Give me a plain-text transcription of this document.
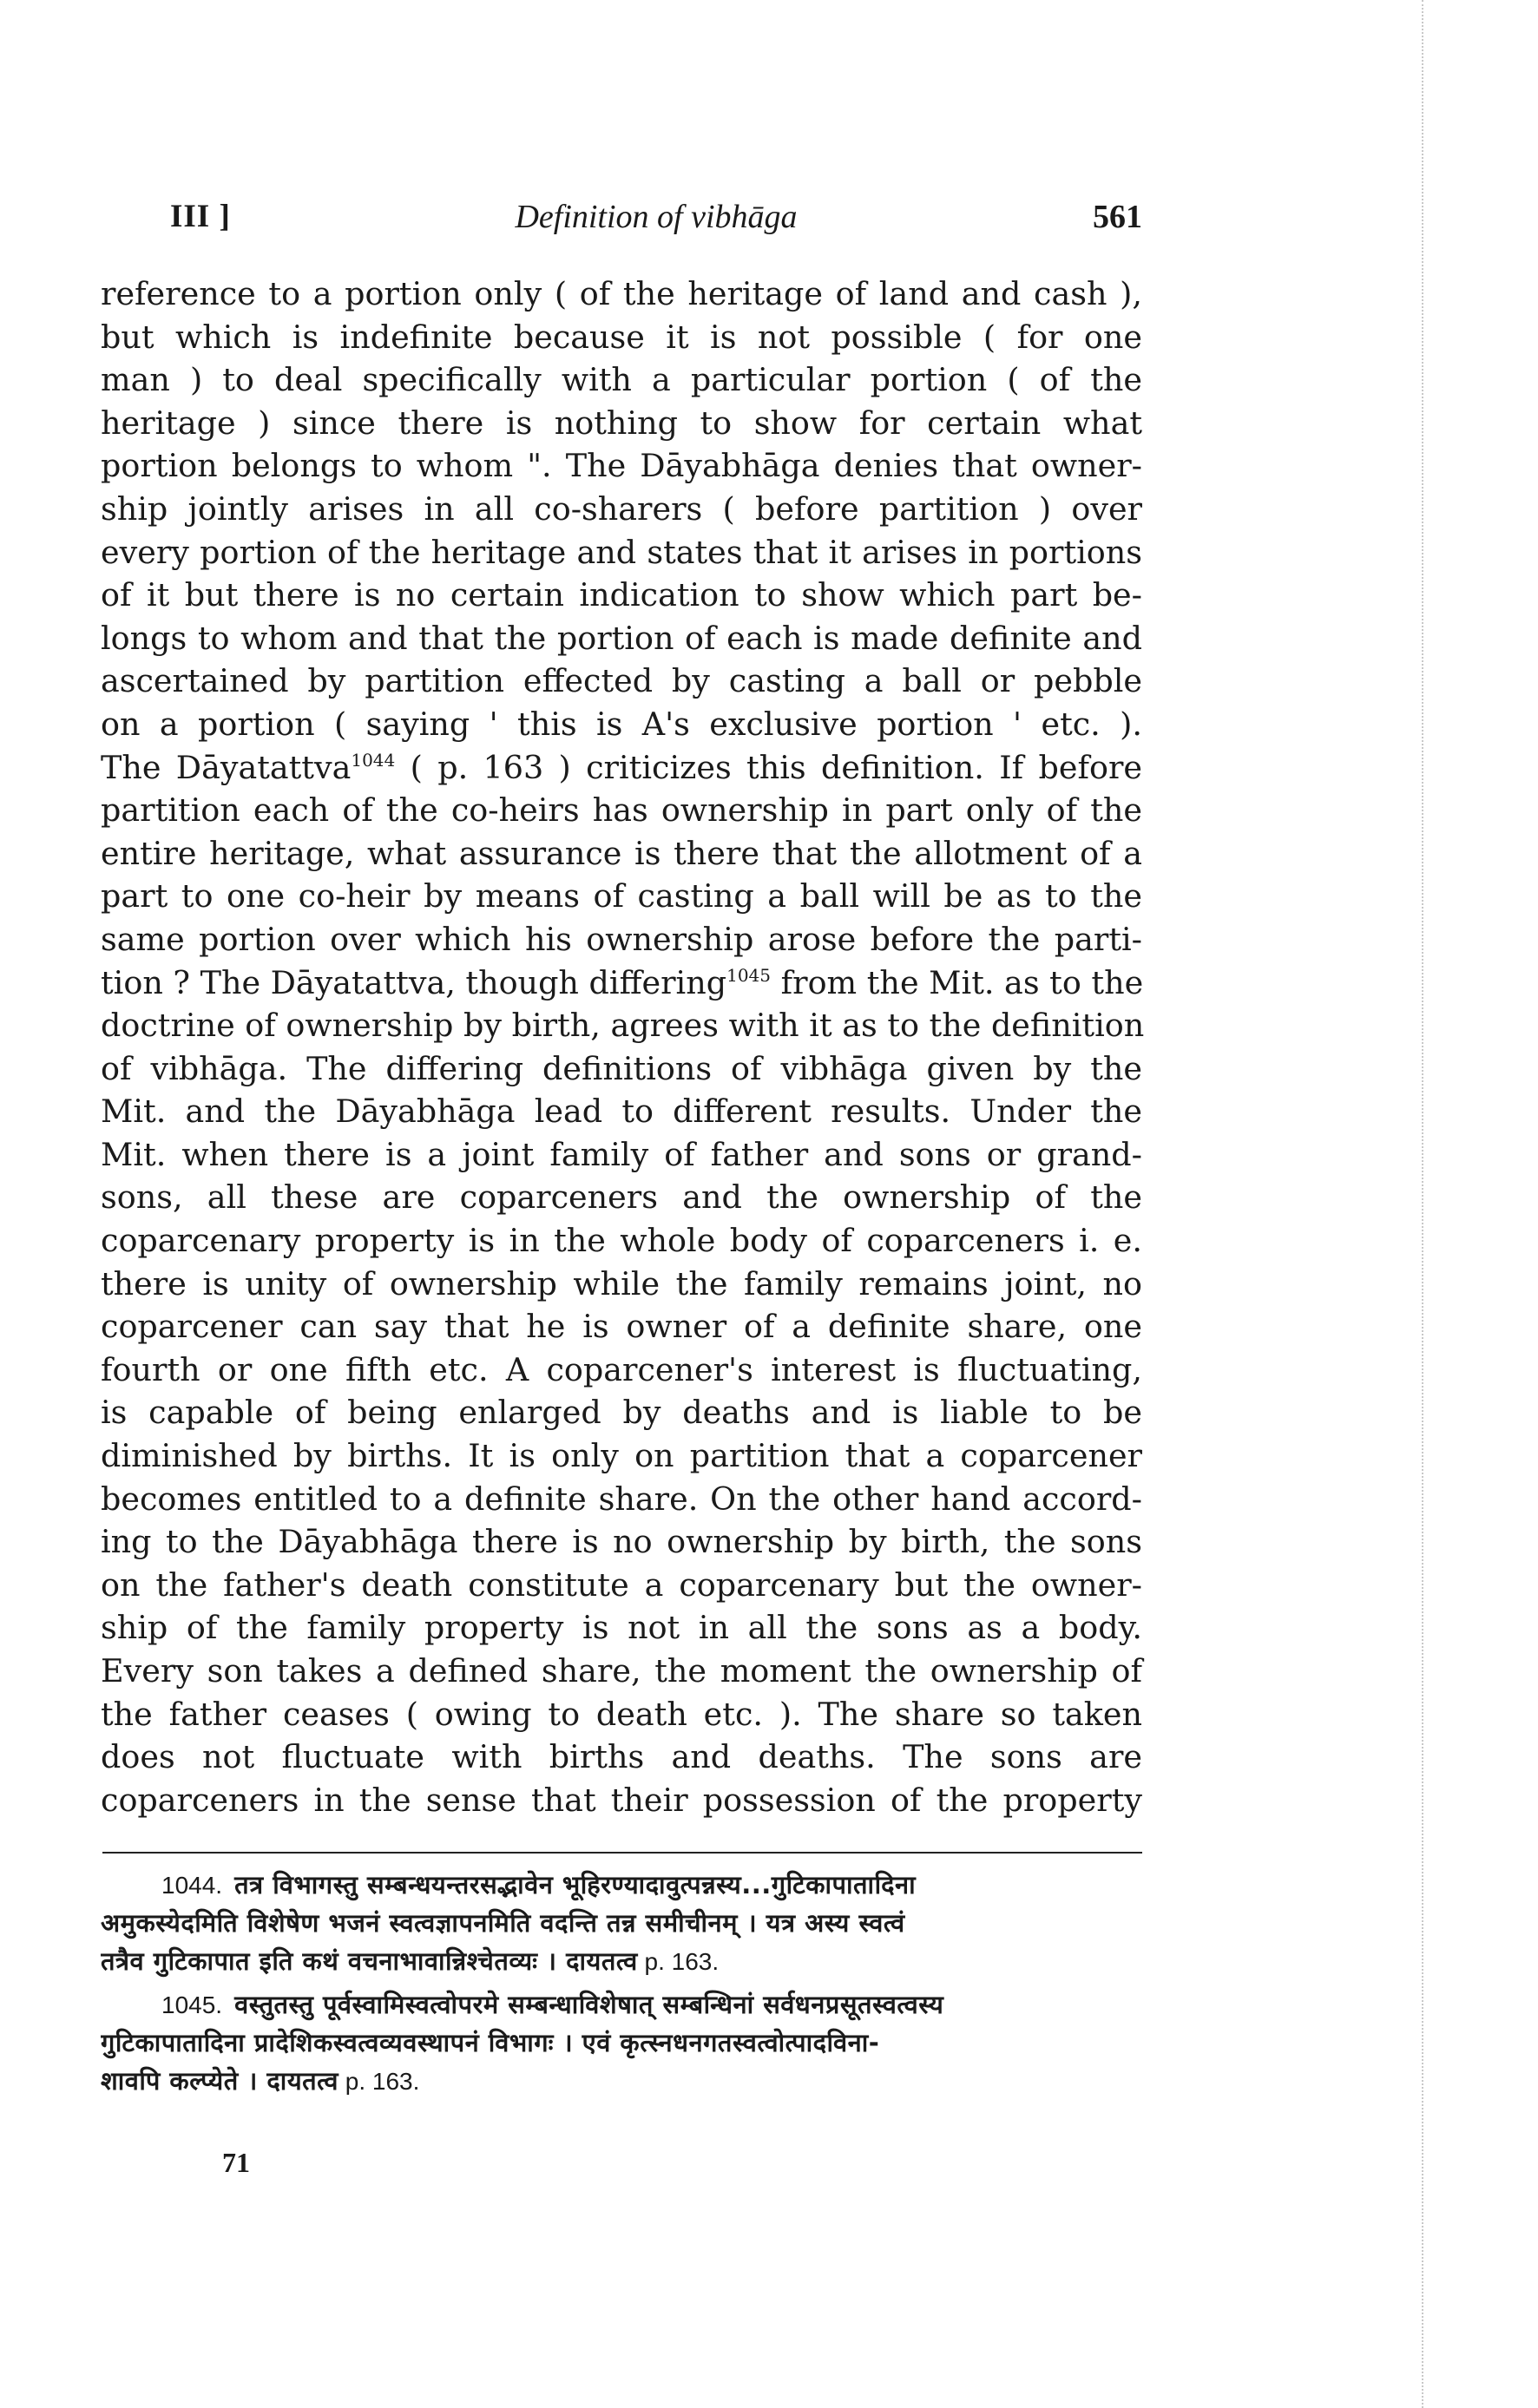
III ]	Definition of vibhāga	561
reference to a portion only ( of the heritage of land and cash ),
but which is indefinite because it is not possible ( for one
man ) to deal specifically with a particular portion ( of the
heritage ) since there is nothing to show for certain what
portion belongs to whom ". The Dāyabhāga denies that owner-
ship jointly arises in all co-sharers ( before partition ) over
every portion of the heritage and states that it arises in portions
of it but there is no certain indication to show which part be-
longs to whom and that the portion of each is made definite and
ascertained by partition effected by casting a ball or pebble
on a portion ( saying ' this is A's exclusive portion ' etc. ).
The Dāyatattva$^{1044}$ ( p. 163 ) criticizes this definition. If before
partition each of the co-heirs has ownership in part only of the
entire heritage, what assurance is there that the allotment of a
part to one co-heir by means of casting a ball will be as to the
same portion over which his ownership arose before the parti-
tion ? The Dāyatattva, though differing$^{1045}$ from the Mit. as to the
doctrine of ownership by birth, agrees with it as to the definition
of vibhāga. The differing definitions of vibhāga given by the
Mit. and the Dāyabhāga lead to different results. Under the
Mit. when there is a joint family of father and sons or grand-
sons, all these are coparceners and the ownership of the
coparcenary property is in the whole body of coparceners i. e.
there is unity of ownership while the family remains joint, no
coparcener can say that he is owner of a definite share, one
fourth or one fifth etc. A coparcener's interest is fluctuating,
is capable of being enlarged by deaths and is liable to be
diminished by births. It is only on partition that a coparcener
becomes entitled to a definite share. On the other hand accord-
ing to the Dāyabhāga there is no ownership by birth, the sons
on the father's death constitute a coparcenary but the owner-
ship of the family property is not in all the sons as a body.
Every son takes a defined share, the moment the ownership of
the father ceases ( owing to death etc. ). The share so taken
does not fluctuate with births and deaths. The sons are
coparceners in the sense that their possession of the property
1044. तत्र विभागस्तु सम्बन्धयन्तरसद्भावेन भूहिरण्यादावुत्पन्नस्य...गुटिकापातादिना
अमुकस्येदमिति विशेषेण भजनं स्वत्वज्ञापनमिति वदन्ति तन्न समीचीनम् । यत्र अस्य स्वत्वं
तत्रैव गुटिकापात इति कथं वचनाभावान्निश्चेतव्यः । दायतत्व p. 163.
1045. वस्तुतस्तु पूर्वस्वामिस्वत्वोपरमे सम्बन्धाविशेषात् सम्बन्धिनां सर्वधनप्रसूतस्वत्वस्य
गुटिकापातादिना प्रादेशिकस्वत्वव्यवस्थापनं विभागः । एवं कृत्स्नधनगतस्वत्वोत्पादविना-
शावपि कल्प्येते । दायतत्व p. 163.
71
